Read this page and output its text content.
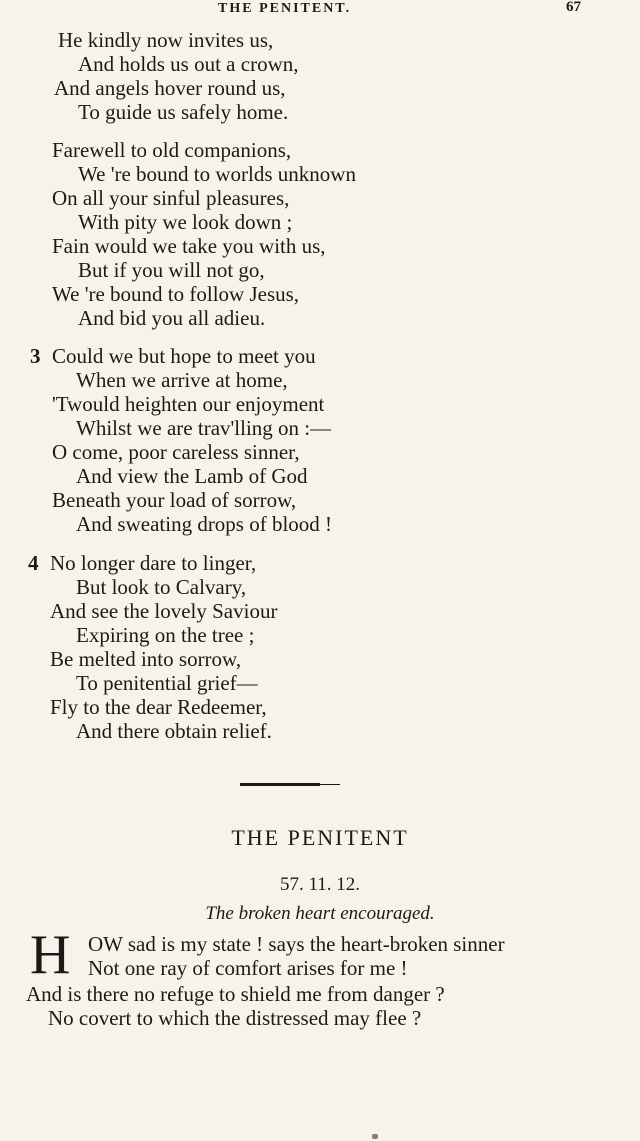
THE PENITENT.	67
He kindly now invites us,
And holds us out a crown,
And angels hover round us,
To guide us safely home.
Farewell to old companions,
We 're bound to worlds unknown
On all your sinful pleasures,
With pity we look down ;
Fain would we take you with us,
But if you will not go,
We 're bound to follow Jesus,
And bid you all adieu.
3 Could we but hope to meet you
When we arrive at home,
'Twould heighten our enjoyment
Whilst we are trav'lling on :—
O come, poor careless sinner,
And view the Lamb of God
Beneath your load of sorrow,
And sweating drops of blood !
4 No longer dare to linger,
But look to Calvary,
And see the lovely Saviour
Expiring on the tree ;
Be melted into sorrow,
To penitential grief—
Fly to the dear Redeemer,
And there obtain relief.
THE PENITENT
57. 11. 12.
The broken heart encouraged.
H OW sad is my state ! says the heart-broken sinner
Not one ray of comfort arises for me !
And is there no refuge to shield me from danger ?
No covert to which the distressed may flee ?
